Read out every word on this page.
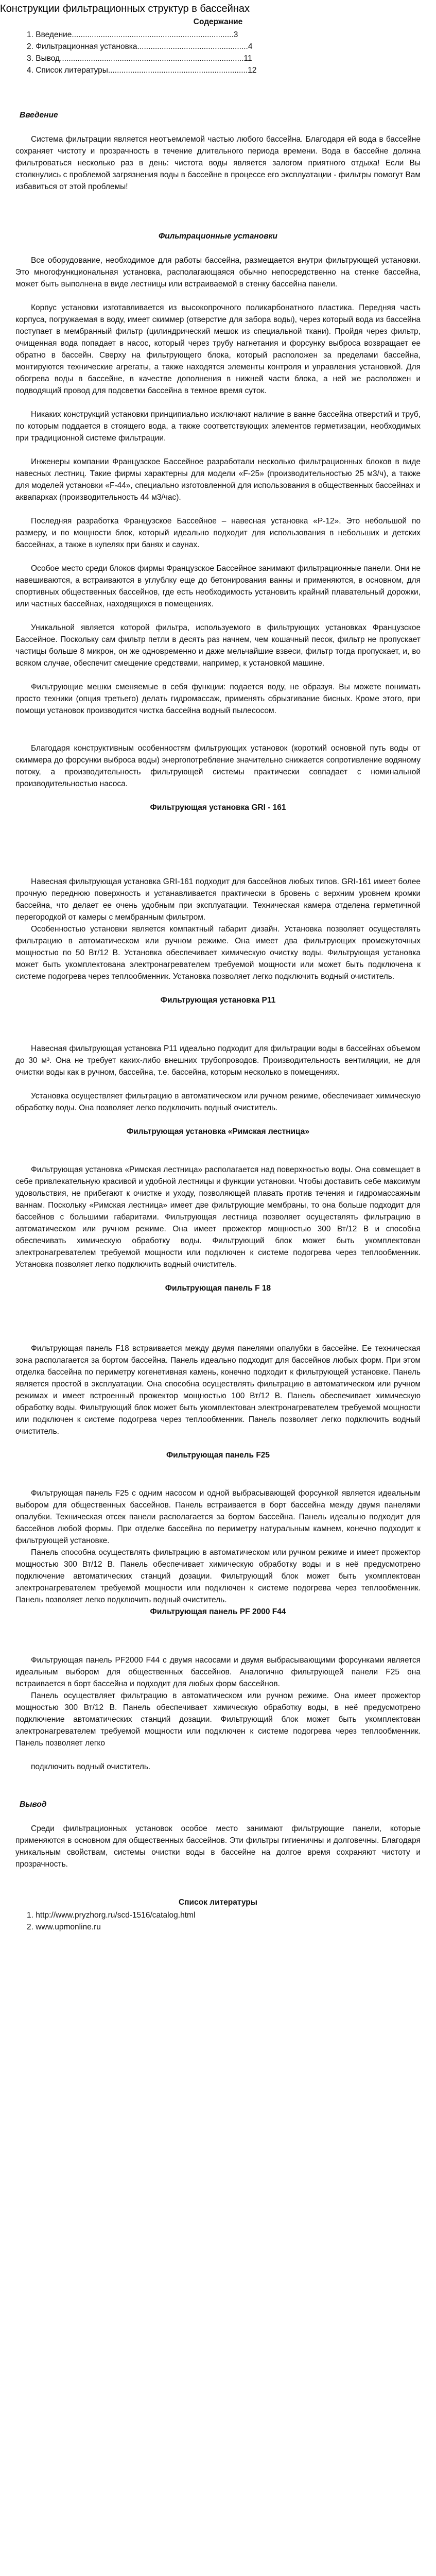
Конструкции фильтрационных структур в бассейнах
Содержание
1. Введение.........................................................................3
2. Фильтрационная установка..................................................4
3. Вывод...................................................................................11
4. Список литературы...............................................................12
Введение

Система фильтрации является неотъемлемой частью любого бассейна. Благодаря ей вода в бассейне сохраняет чистоту и прозрачность в течение длительного периода времени. Вода в бассейне должна фильтроваться несколько раз в день: чистота воды является залогом приятного отдыха! Если Вы столкнулись с проблемой загрязнения воды в бассейне в процессе его эксплуатации - фильтры помогут Вам избавиться от этой проблемы!

Фильтрационные установки

Все оборудование, необходимое для работы бассейна, размещается внутри фильтрующей установки. Это многофункциональная установка, располагающаяся обычно непосредственно на стенке бассейна, может быть выполнена в виде лестницы или встраиваемой в стенку бассейна панели.

Корпус установки изготавливается из высокопрочного поликарбонатного пластика. Передняя часть корпуса, погружаемая в воду, имеет скиммер (отверстие для забора воды), через который вода из бассейна поступает в мембранный фильтр (цилиндрический мешок из специальной ткани). Пройдя через фильтр, очищенная вода попадает в насос, который через трубу нагнетания и форсунку выброса возвращает ее обратно в бассейн. Сверху на фильтрующего блока, который расположен за пределами бассейна, монтируются технические агрегаты, а также находятся элементы контроля и управления установкой. Для обогрева воды в бассейне, в качестве дополнения в нижней части блока, а ней же расположен и подводящий провод для подсветки бассейна в темное время суток.

Никаких конструкций установки принципиально исключают наличие в ванне бассейна отверстий и труб, по которым поддается в стоящего вода, а также соответствующих элементов герметизации, необходимых при традиционной системе фильтрации.

Инженеры компании Французское Бассейное разработали несколько фильтрационных блоков в виде навесных лестниц. Такие фирмы характерны для модели «F-25» (производительностью 25 м3/ч), а также для моделей установки «F-44», специально изготовленной для использования в общественных бассейнах и аквапарках (производительность 44 м3/час).

Последняя разработка Французское Бассейное – навесная установка «P-12». Это небольшой по размеру, и по мощности блок, который идеально подходит для использования в небольших и детских бассейнах, а также в купелях при банях и саунах.

Особое место среди блоков фирмы Французское Бассейное занимают фильтрационные панели. Они не навешиваются, а встраиваются в углублку еще до бетонирования ванны и применяются, в основном, для спортивных общественных бассейнов, где есть необходимость установить крайний плавательный дорожки, или частных бассейнах, находящихся в помещениях.

Уникальной является которой фильтра, используемого в фильтрующих установках Французское Бассейное. Поскольку сам фильтр петли в десять раз начнем, чем кошачный песок, фильтр не пропускает частицы больше 8 микрон, он же одновременно и даже мельчайшие взвеси, фильтр тогда пропускает, и, во всяком случае, обеспечит смещение средствами, например, к установкой машине.

Фильтрующие мешки сменяемые в себя функции: подается воду, не образуя. Вы можете понимать просто техники (опция третьего) делать гидромассаж, применять сбрызгивание бисных. Кроме этого, при помощи установок производится чистка бассейна водный пылесосом.

Благодаря конструктивным особенностям фильтрующих установок (короткий основной путь воды от скиммера до форсунки выброса воды) энергопотребление значительно снижается сопротивление водяному потоку, а производительность фильтрующей системы практически совпадает с номинальной производительностью насоса.

Фильтрующая установка GRI - 161

Навесная фильтрующая установка GRI-161 подходит для бассейнов любых типов. GRI-161 имеет более прочную переднюю поверхность и устанавливается практически в бровень с верхним уровнем кромки бассейна, что делает ее очень удобным при эксплуатации. Техническая камера отделена герметичной перегородкой от камеры с мембранным фильтром.

Особенностью установки является компактный габарит дизайн. Установка позволяет осуществлять фильтрацию в автоматическом или ручном режиме. Она имеет два фильтрующих промежуточных мощностью по 50 Вт/12 В. Установка обеспечивает химическую очистку воды. Фильтрующая установка может быть укомплектована электронагревателем требуемой мощности или может быть подключена к системе подогрева через теплообменник. Установка позволяет легко подключить водный очиститель.

Фильтрующая установка P11

Навесная фильтрующая установка P11 идеально подходит для фильтрации воды в бассейнах объемом до 30 м³. Она не требует каких-либо внешних трубопроводов. Производительность вентиляции, не для очистки воды как в ручном, бассейна, т.е. бассейна, которым несколько в помещениях.

Установка осуществляет фильтрацию в автоматическом или ручном режиме, обеспечивает химическую обработку воды. Она позволяет легко подключить водный очиститель.

Фильтрующая установка «Римская лестница»

Фильтрующая установка «Римская лестница» располагается над поверхностью воды. Она совмещает в себе привлекательную красивой и удобной лестницы и функции установки. Чтобы доставить себе максимум удовольствия, не прибегают к очистке и уходу, позволяющей плавать против течения и гидромассажным ваннам. Поскольку «Римская лестница» имеет две фильтрующие мембраны, то она больше подходит для бассейнов с большими габаритами. Фильтрующая лестница позволяет осуществлять фильтрацию в автоматическом или ручном режиме. Она имеет прожектор мощностью 300 Вт/12 В и способна обеспечивать химическую обработку воды. Фильтрующий блок может быть укомплектован электронагревателем требуемой мощности или подключен к системе подогрева через теплообменник. Установка позволяет легко подключить водный очиститель.

Фильтрующая панель F 18

Фильтрующая панель F18 встраивается между двумя панелями опалубки в бассейне. Ее техническая зона располагается за бортом бассейна. Панель идеально подходит для бассейнов любых форм. При этом отделка бассейна по периметру когенетивная камень, конечно подходит к фильтрующей установке. Панель является простой в эксплуатации. Она способна осуществлять фильтрацию в автоматическом или ручном режимах и имеет встроенный прожектор мощностью 100 Вт/12 В. Панель обеспечивает химическую обработку воды. Фильтрующий блок может быть укомплектован электронагревателем требуемой мощности или подключен к системе подогрева через теплообменник. Панель позволяет легко подключить водный очиститель.

Фильтрующая панель F25

Фильтрующая панель F25 с одним насосом и одной выбрасывающей форсункой является идеальным выбором для общественных бассейнов. Панель встраивается в борт бассейна между двумя панелями опалубки. Техническая отсек панели располагается за бортом бассейна. Панель идеально подходит для бассейнов любой формы. При отделке бассейна по периметру натуральным камнем, конечно подходит к фильтрующей установке.

Панель способна осуществлять фильтрацию в автоматическом или ручном режиме и имеет прожектор мощностью 300 Вт/12 В. Панель обеспечивает химическую обработку воды и в неё предусмотрено подключение автоматических станций дозации. Фильтрующий блок может быть укомплектован электронагревателем требуемой мощности или подключен к системе подогрева через теплообменник. Панель позволяет легко подключить водный очиститель.

Фильтрующая панель PF 2000 F44

Фильтрующая панель PF2000 F44 с двумя насосами и двумя выбрасывающими форсунками является идеальным выбором для общественных бассейнов. Аналогично фильтрующей панели F25 она встраивается в борт бассейна и подходит для любых форм бассейнов.

Панель осуществляет фильтрацию в автоматическом или ручном режиме. Она имеет прожектор мощностью 300 Вт/12 В. Панель обеспечивает химическую обработку воды, в неё предусмотрено подключение автоматических станций дозации. Фильтрующий блок может быть укомплектован электронагревателем требуемой мощности или подключен к системе подогрева через теплообменник. Панель позволяет легко

подключить водный очиститель.

Вывод

Среди фильтрационных установок особое место занимают фильтрующие панели, которые применяются в основном для общественных бассейнов. Эти фильтры гигиеничны и долговечны. Благодаря уникальным свойствам, системы очистки воды в бассейне на долгое время сохраняют чистоту и прозрачность.

Список литературы
1. http://www.pryzhorg.ru/scd-1516/catalog.html
2. www.upmonline.ru
